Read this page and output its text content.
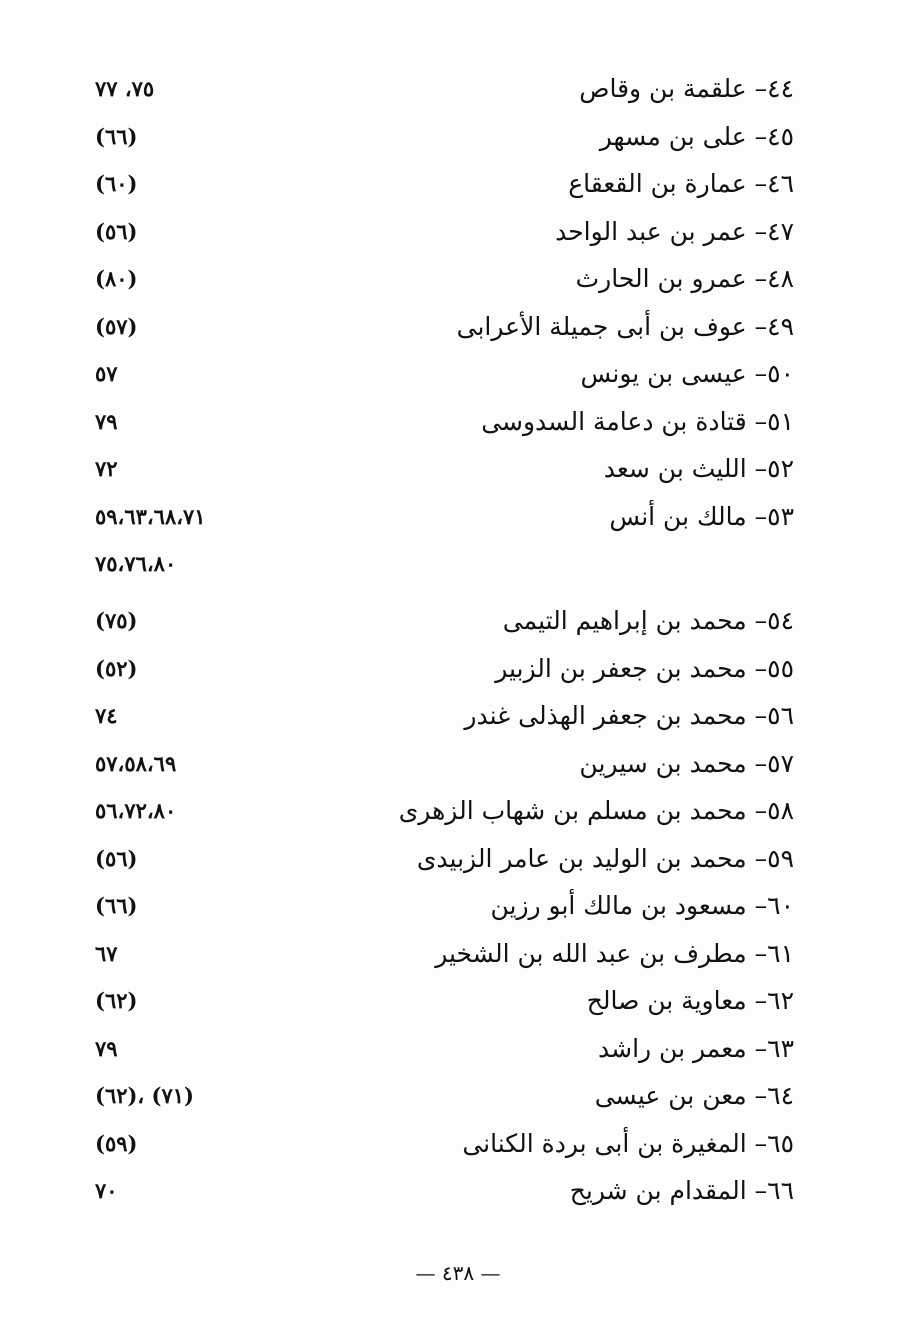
٤٤– علقمة بن وقاص
٧٥، ٧٧
٤٥– على بن مسهر
(٦٦)
٤٦– عمارة بن القعقاع
(٦٠)
٤٧– عمر بن عبد الواحد
(٥٦)
٤٨– عمرو بن الحارث
(٨٠)
٤٩– عوف بن أبى جميلة الأعرابى
(٥٧)
٥٠– عيسى بن يونس
٥٧
٥١– قتادة بن دعامة السدوسى
٧٩
٥٢– الليث بن سعد
٧٢
٥٣– مالك بن أنس
٥٩،٦٣،٦٨،٧١
٧٥،٧٦،٨٠
٥٤– محمد بن إبراهيم التيمى
(٧٥)
٥٥– محمد بن جعفر بن الزبير
(٥٢)
٥٦– محمد بن جعفر الهذلى غندر
٧٤
٥٧– محمد بن سيرين
٥٧،٥٨،٦٩
٥٨– محمد بن مسلم بن شهاب الزهرى
٥٦،٧٢،٨٠
٥٩– محمد بن الوليد بن عامر الزبيدى
(٥٦)
٦٠– مسعود بن مالك أبو رزين
(٦٦)
٦١– مطرف بن عبد الله بن الشخير
٦٧
٦٢– معاوية بن صالح
(٦٢)
٦٣– معمر بن راشد
٧٩
٦٤– معن بن عيسى
(٦٢)، (٧١)
٦٥– المغيرة بن أبى بردة الكنانى
(٥٩)
٦٦– المقدام بن شريح
٧٠
— ٤٣٨ —
